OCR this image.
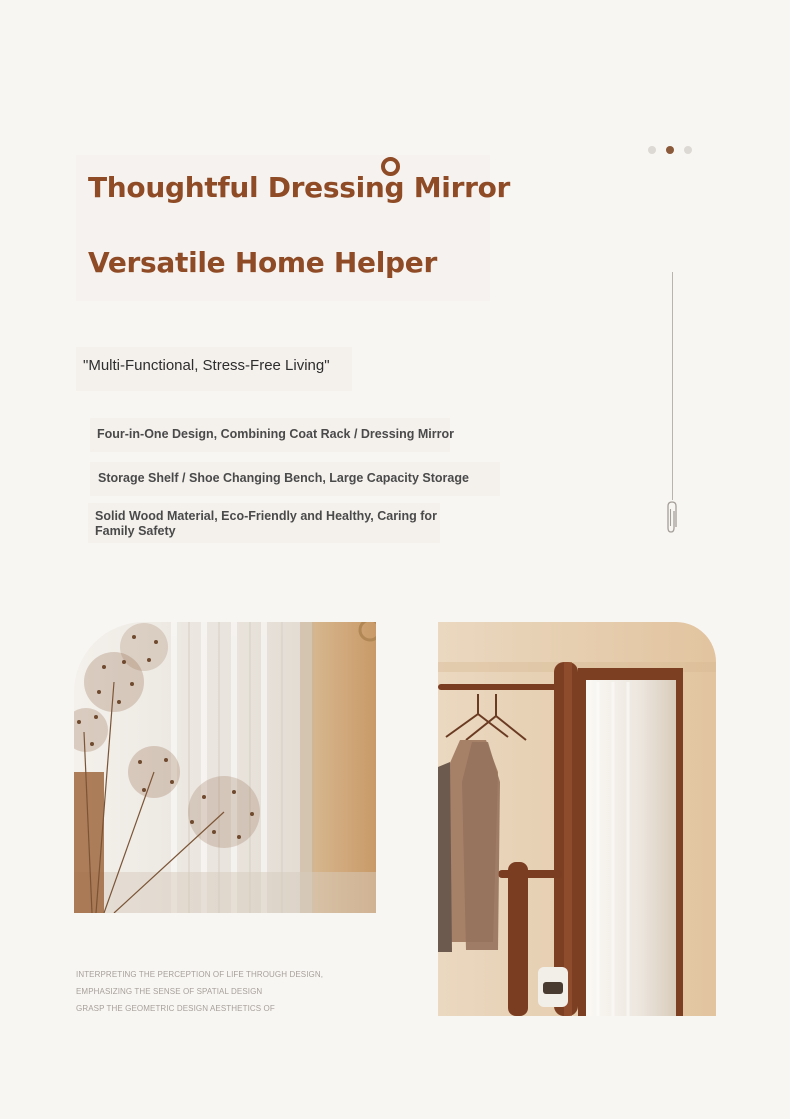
Thoughtful Dressing Mirror
Versatile Home Helper
"Multi-Functional, Stress-Free Living"
Four-in-One Design, Combining Coat Rack / Dressing Mirror
Storage Shelf / Shoe Changing Bench, Large Capacity Storage
Solid Wood Material, Eco-Friendly and Healthy, Caring for Family Safety
INTERPRETING THE PERCEPTION OF LIFE THROUGH DESIGN,
EMPHASIZING THE SENSE OF SPATIAL DESIGN
GRASP THE GEOMETRIC DESIGN AESTHETICS OF
